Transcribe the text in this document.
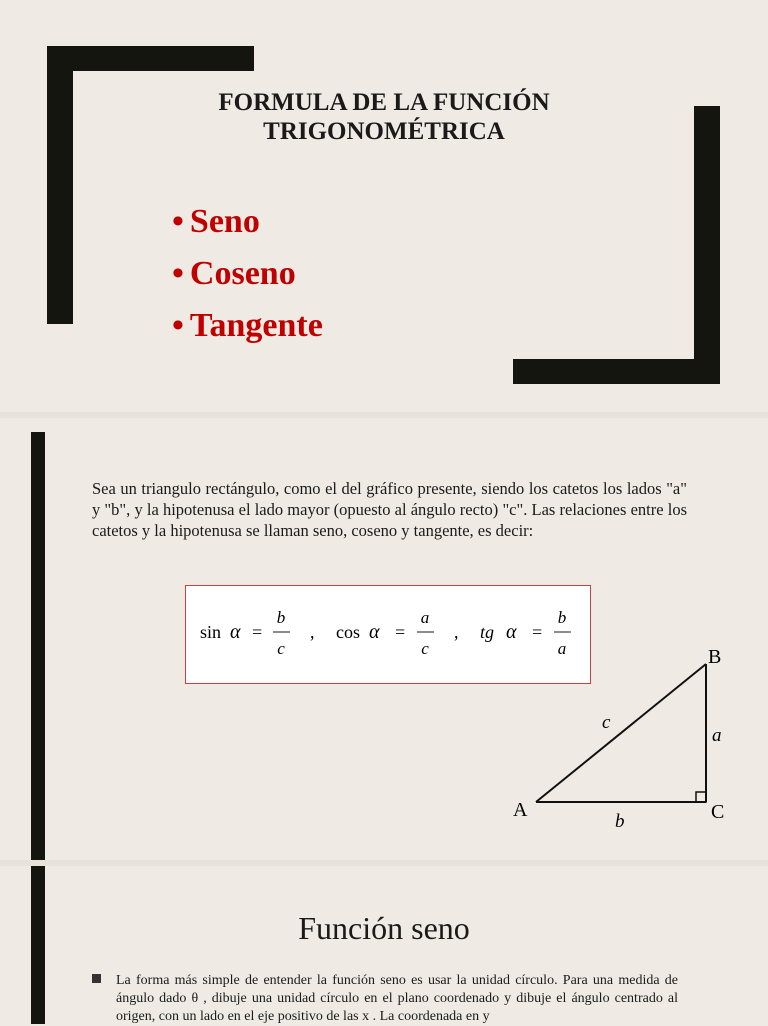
FORMULA DE LA FUNCIÓN TRIGONOMÉTRICA
• Seno
• Coseno
• Tangente

Sea un triangulo rectángulo, como el del gráfico presente, siendo los catetos los lados "a" y "b", y la hipotenusa el lado mayor (opuesto al ángulo recto) "c". Las relaciones entre los catetos y la hipotenusa se llaman seno, coseno y tangente, es decir:

sin α =
b
c
, cos α =
a
c
, tg α =
b
a	B
A	C
c
a
b
Función seno

La forma más simple de entender la función seno es usar la unidad círculo. Para una medida de ángulo dado θ , dibuje una unidad círculo en el plano coordenado y dibuje el ángulo centrado al origen, con un lado en el eje positivo de las x . La coordenada en y
